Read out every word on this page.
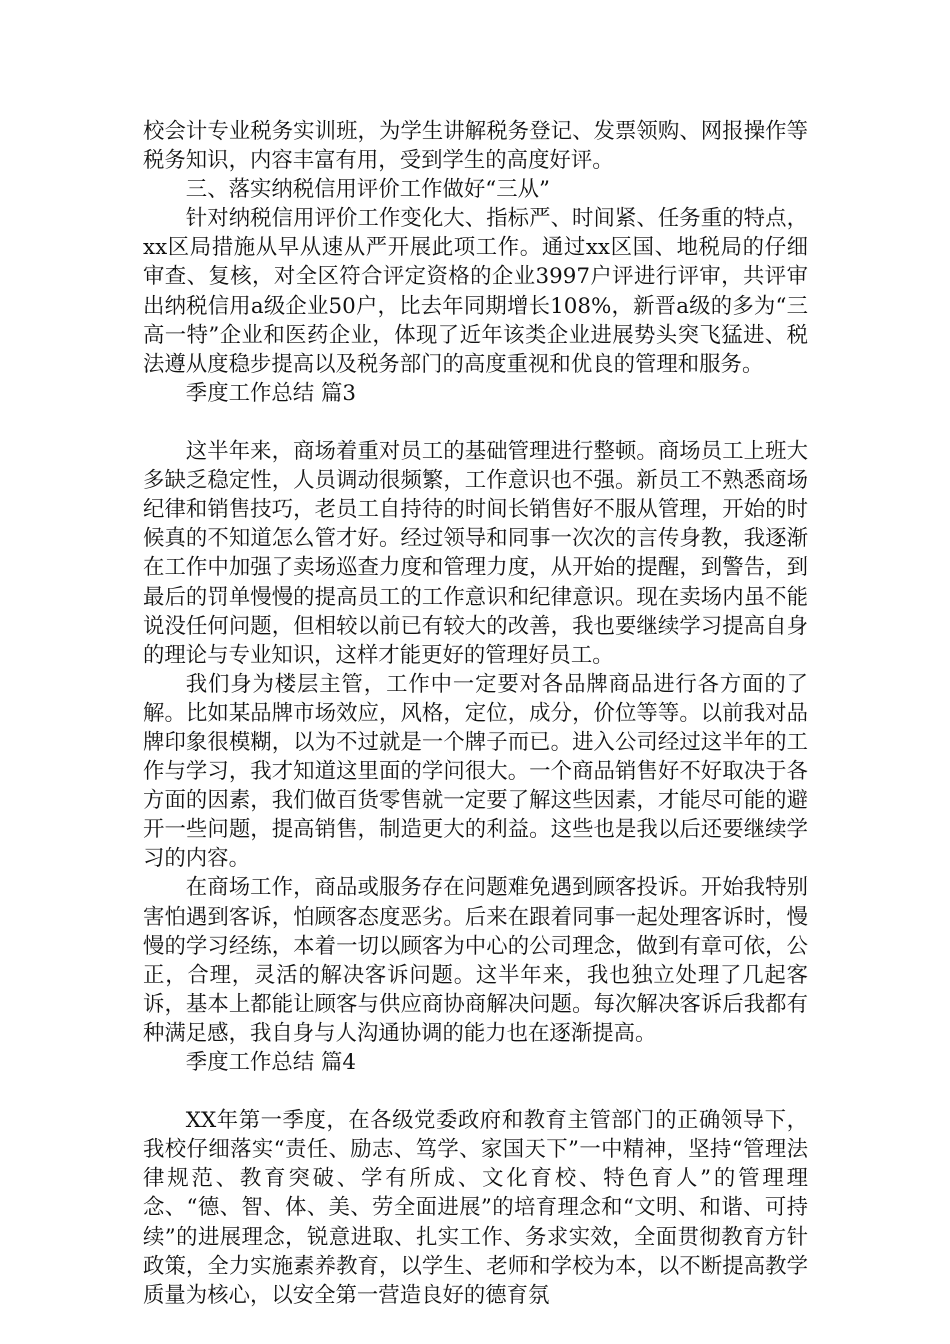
校会计专业税务实训班，为学生讲解税务登记、发票领购、网报操作等税务知识，内容丰富有用，受到学生的高度好评。

三、落实纳税信用评价工作做好“三从”

针对纳税信用评价工作变化大、指标严、时间紧、任务重的特点，xx区局措施从早从速从严开展此项工作。通过xx区国、地税局的仔细审查、复核，对全区符合评定资格的企业3997户评进行评审，共评审出纳税信用a级企业50户，比去年同期增长108%，新晋a级的多为“三高一特”企业和医药企业，体现了近年该类企业进展势头突飞猛进、税法遵从度稳步提高以及税务部门的高度重视和优良的管理和服务。

季度工作总结 篇3

这半年来，商场着重对员工的基础管理进行整顿。商场员工上班大多缺乏稳定性，人员调动很频繁，工作意识也不强。新员工不熟悉商场纪律和销售技巧，老员工自持待的时间长销售好不服从管理，开始的时候真的不知道怎么管才好。经过领导和同事一次次的言传身教，我逐渐在工作中加强了卖场巡查力度和管理力度，从开始的提醒，到警告，到最后的罚单慢慢的提高员工的工作意识和纪律意识。现在卖场内虽不能说没任何问题，但相较以前已有较大的改善，我也要继续学习提高自身的理论与专业知识，这样才能更好的管理好员工。

我们身为楼层主管，工作中一定要对各品牌商品进行各方面的了解。比如某品牌市场效应，风格，定位，成分，价位等等。以前我对品牌印象很模糊，以为不过就是一个牌子而已。进入公司经过这半年的工作与学习，我才知道这里面的学问很大。一个商品销售好不好取决于各方面的因素，我们做百货零售就一定要了解这些因素，才能尽可能的避开一些问题，提高销售，制造更大的利益。这些也是我以后还要继续学习的内容。

在商场工作，商品或服务存在问题难免遇到顾客投诉。开始我特别害怕遇到客诉，怕顾客态度恶劣。后来在跟着同事一起处理客诉时，慢慢的学习经练，本着一切以顾客为中心的公司理念，做到有章可依，公正，合理，灵活的解决客诉问题。这半年来，我也独立处理了几起客诉，基本上都能让顾客与供应商协商解决问题。每次解决客诉后我都有种满足感，我自身与人沟通协调的能力也在逐渐提高。

季度工作总结 篇4

XX年第一季度，在各级党委政府和教育主管部门的正确领导下，我校仔细落实“责任、励志、笃学、家国天下”一中精神，坚持“管理法律规范、教育突破、学有所成、文化育校、特色育人”的管理理念、“德、智、体、美、劳全面进展”的培育理念和“文明、和谐、可持续”的进展理念，锐意进取、扎实工作、务求实效，全面贯彻教育方针政策，全力实施素养教育，以学生、老师和学校为本，以不断提高教学质量为核心，以安全第一营造良好的德育氛
